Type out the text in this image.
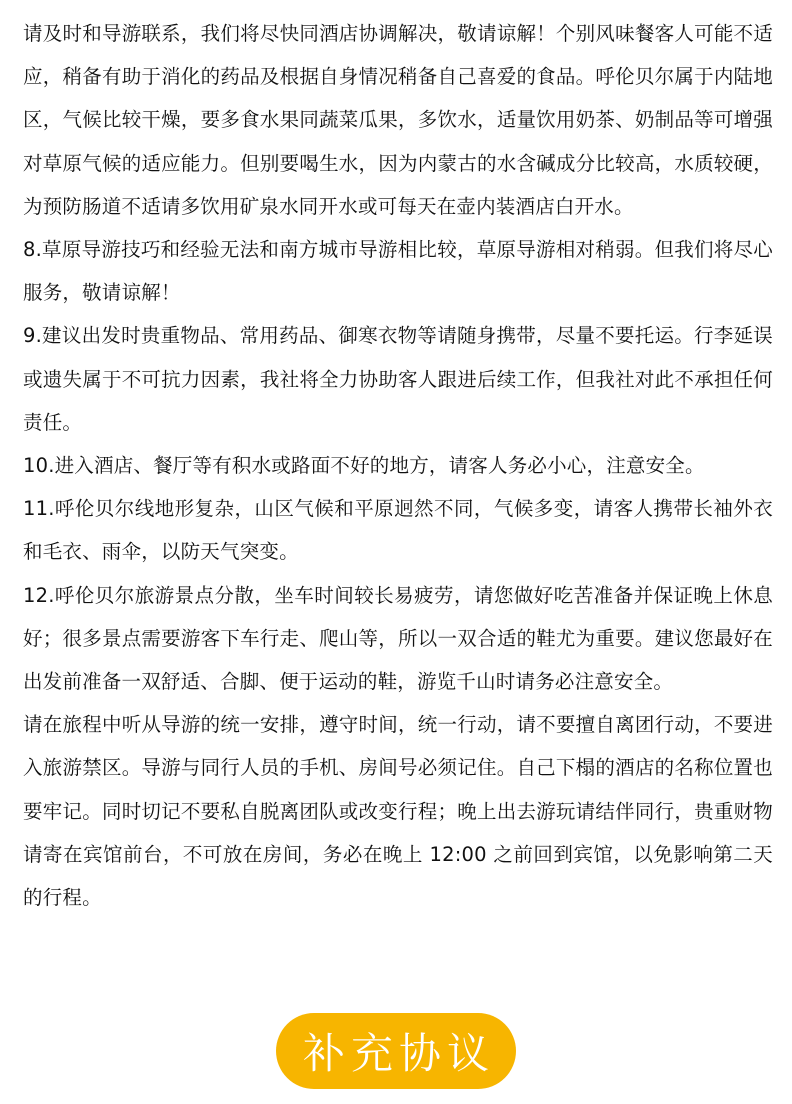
请及时和导游联系，我们将尽快同酒店协调解决，敬请谅解！个别风味餐客人可能不适应，稍备有助于消化的药品及根据自身情况稍备自己喜爱的食品。呼伦贝尔属于内陆地区，气候比较干燥，要多食水果同蔬菜瓜果，多饮水，适量饮用奶茶、奶制品等可增强对草原气候的适应能力。但别要喝生水，因为内蒙古的水含碱成分比较高，水质较硬，为预防肠道不适请多饮用矿泉水同开水或可每天在壶内装酒店白开水。

8.草原导游技巧和经验无法和南方城市导游相比较，草原导游相对稍弱。但我们将尽心服务，敬请谅解！

9.建议出发时贵重物品、常用药品、御寒衣物等请随身携带，尽量不要托运。行李延误或遗失属于不可抗力因素，我社将全力协助客人跟进后续工作，但我社对此不承担任何责任。

10.进入酒店、餐厅等有积水或路面不好的地方，请客人务必小心，注意安全。

11.呼伦贝尔线地形复杂，山区气候和平原迥然不同，气候多变，请客人携带长袖外衣和毛衣、雨伞，以防天气突变。

12.呼伦贝尔旅游景点分散，坐车时间较长易疲劳，请您做好吃苦准备并保证晚上休息好；很多景点需要游客下车行走、爬山等，所以一双合适的鞋尤为重要。建议您最好在出发前准备一双舒适、合脚、便于运动的鞋，游览千山时请务必注意安全。

请在旅程中听从导游的统一安排，遵守时间，统一行动，请不要擅自离团行动，不要进入旅游禁区。导游与同行人员的手机、房间号必须记住。自己下榻的酒店的名称位置也要牢记。同时切记不要私自脱离团队或改变行程；晚上出去游玩请结伴同行，贵重财物请寄在宾馆前台，不可放在房间，务必在晚上 12:00 之前回到宾馆，以免影响第二天的行程。

补充协议
